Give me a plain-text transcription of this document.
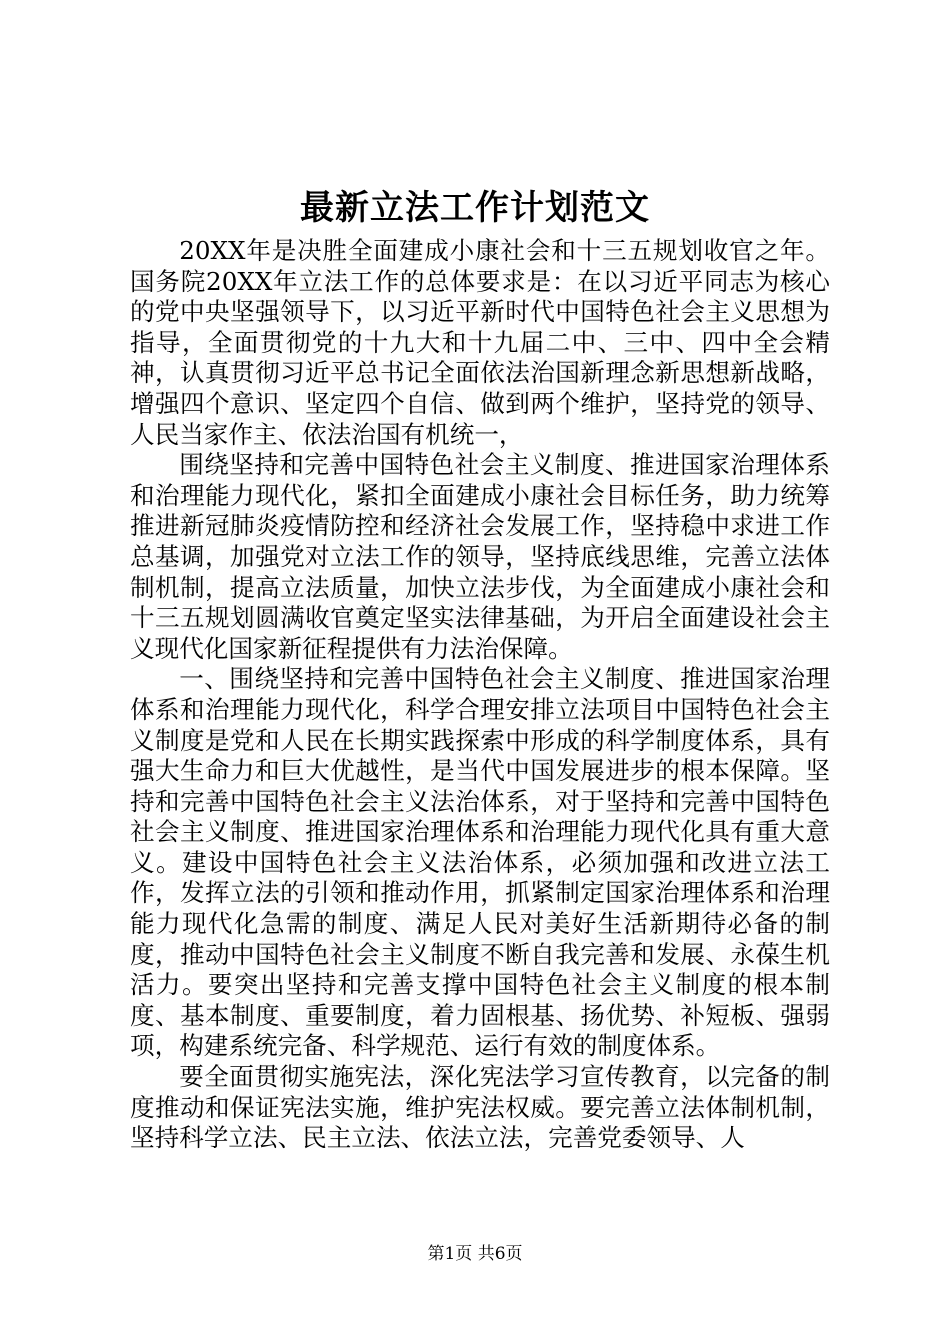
最新立法工作计划范文

20XX年是决胜全面建成小康社会和十三五规划收官之年。国务院20XX年立法工作的总体要求是：在以习近平同志为核心的党中央坚强领导下，以习近平新时代中国特色社会主义思想为指导，全面贯彻党的十九大和十九届二中、三中、四中全会精神，认真贯彻习近平总书记全面依法治国新理念新思想新战略，增强四个意识、坚定四个自信、做到两个维护，坚持党的领导、人民当家作主、依法治国有机统一，

围绕坚持和完善中国特色社会主义制度、推进国家治理体系和治理能力现代化，紧扣全面建成小康社会目标任务，助力统筹推进新冠肺炎疫情防控和经济社会发展工作，坚持稳中求进工作总基调，加强党对立法工作的领导，坚持底线思维，完善立法体制机制，提高立法质量，加快立法步伐，为全面建成小康社会和十三五规划圆满收官奠定坚实法律基础，为开启全面建设社会主义现代化国家新征程提供有力法治保障。

一、围绕坚持和完善中国特色社会主义制度、推进国家治理体系和治理能力现代化，科学合理安排立法项目中国特色社会主义制度是党和人民在长期实践探索中形成的科学制度体系，具有强大生命力和巨大优越性，是当代中国发展进步的根本保障。坚持和完善中国特色社会主义法治体系，对于坚持和完善中国特色社会主义制度、推进国家治理体系和治理能力现代化具有重大意义。建设中国特色社会主义法治体系，必须加强和改进立法工作，发挥立法的引领和推动作用，抓紧制定国家治理体系和治理能力现代化急需的制度、满足人民对美好生活新期待必备的制度，推动中国特色社会主义制度不断自我完善和发展、永葆生机活力。要突出坚持和完善支撑中国特色社会主义制度的根本制度、基本制度、重要制度，着力固根基、扬优势、补短板、强弱项，构建系统完备、科学规范、运行有效的制度体系。

要全面贯彻实施宪法，深化宪法学习宣传教育，以完备的制度推动和保证宪法实施，维护宪法权威。要完善立法体制机制，坚持科学立法、民主立法、依法立法，完善党委领导、人

第1页 共6页
